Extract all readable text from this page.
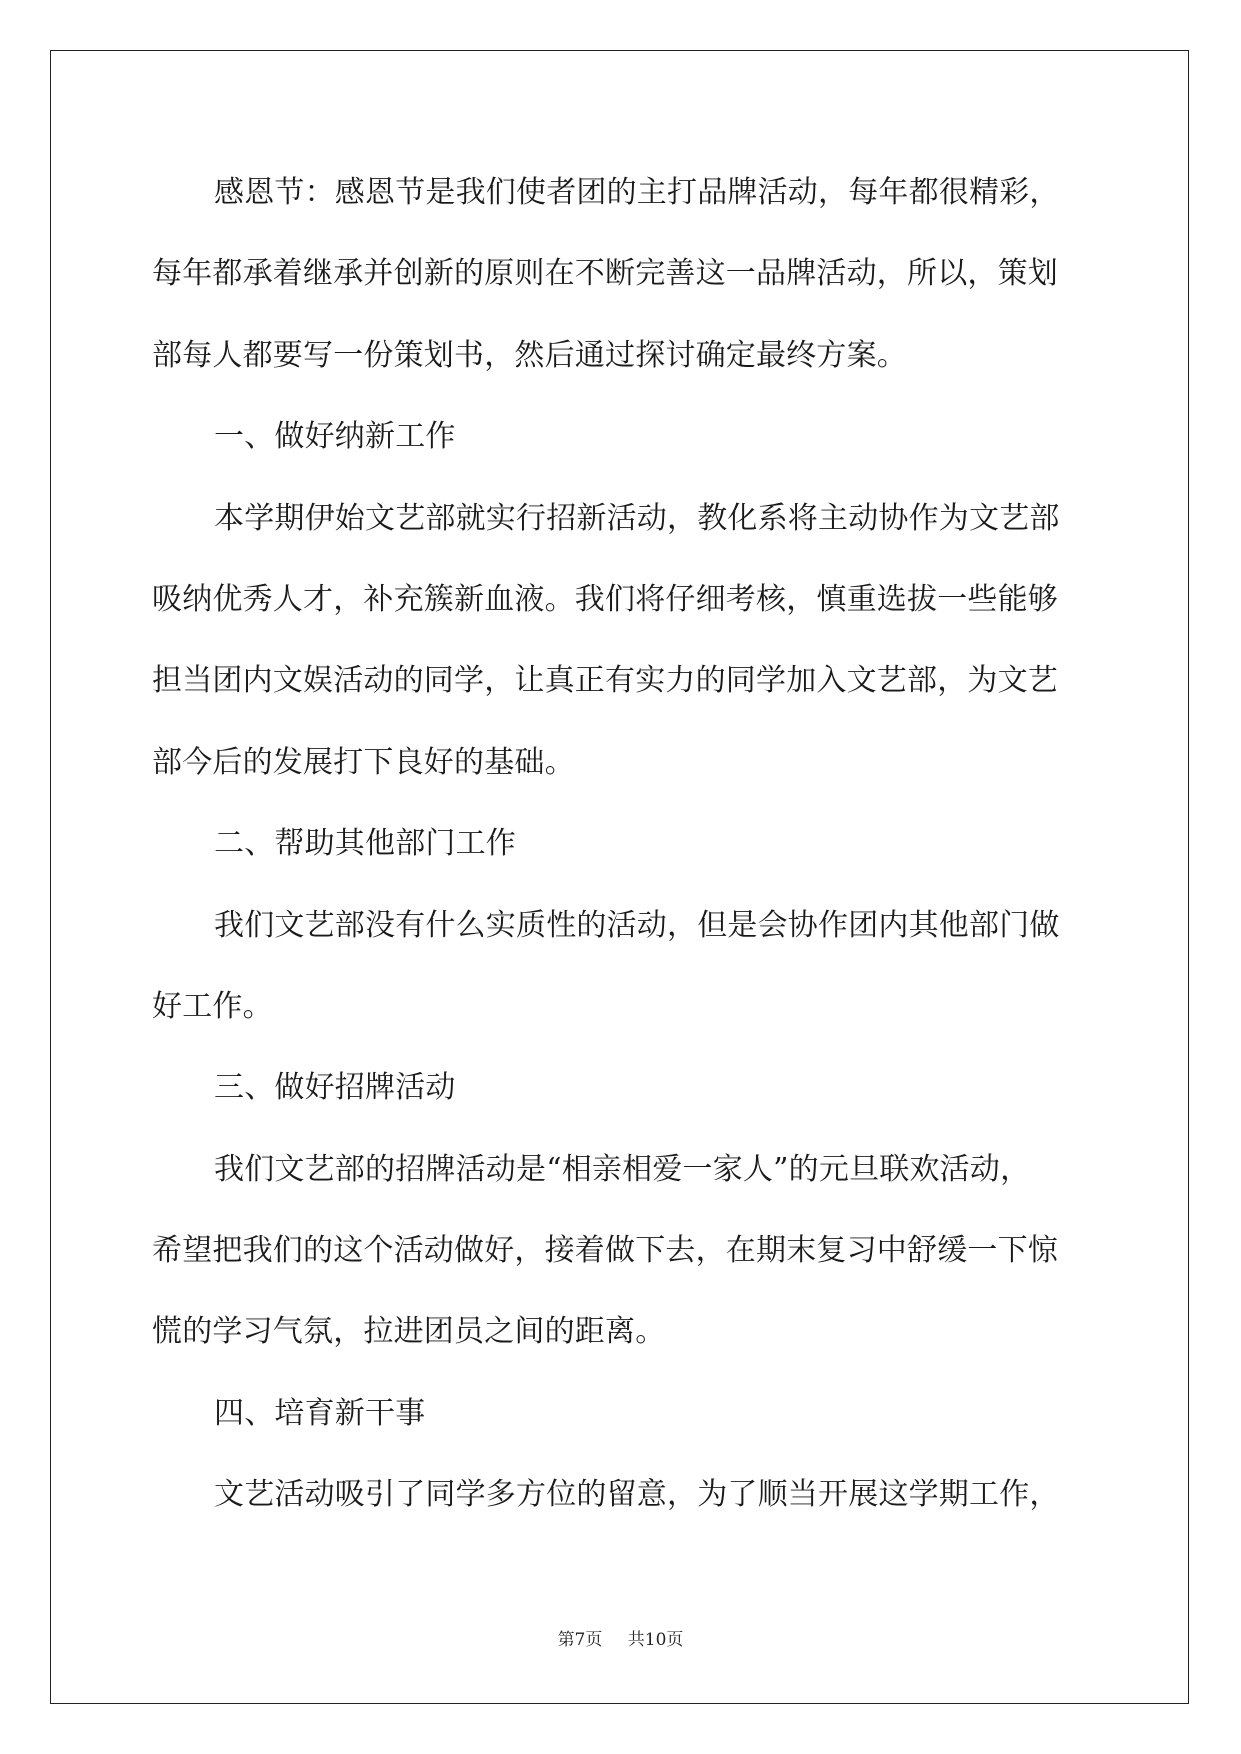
感恩节：感恩节是我们使者团的主打品牌活动，每年都很精彩，
每年都承着继承并创新的原则在不断完善这一品牌活动，所以，策划
部每人都要写一份策划书，然后通过探讨确定最终方案。
一、做好纳新工作
本学期伊始文艺部就实行招新活动，教化系将主动协作为文艺部
吸纳优秀人才，补充簇新血液。我们将仔细考核，慎重选拔一些能够
担当团内文娱活动的同学，让真正有实力的同学加入文艺部，为文艺
部今后的发展打下良好的基础。
二、帮助其他部门工作
我们文艺部没有什么实质性的活动，但是会协作团内其他部门做
好工作。
三、做好招牌活动
我们文艺部的招牌活动是“相亲相爱一家人”的元旦联欢活动，
希望把我们的这个活动做好，接着做下去，在期末复习中舒缓一下惊
慌的学习气氛，拉进团员之间的距离。
四、培育新干事
文艺活动吸引了同学多方位的留意，为了顺当开展这学期工作，
第7页 共10页
